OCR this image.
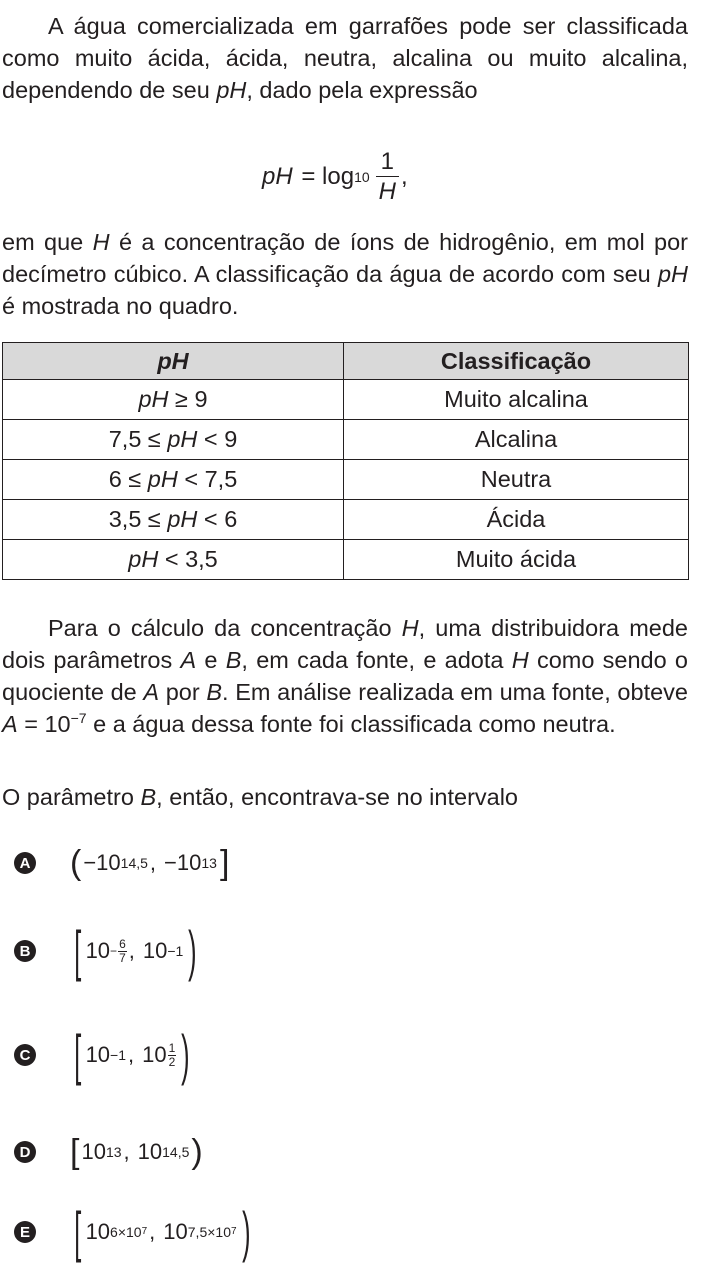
A água comercializada em garrafões pode ser classificada como muito ácida, ácida, neutra, alcalina ou muito alcalina, dependendo de seu pH, dado pela expressão

pH = $\log 10 \frac{1}{H}$ ,

em que H é a concentração de íons de hidrogênio, em mol por decímetro cúbico. A classificação da água de acordo com seu pH é mostrada no quadro.

pH	Classificação
pH ≥ 9	Muito alcalina
7,5 ≤ pH < 9	Alcalina
6 ≤ pH < 7,5	Neutra
3,5 ≤ pH < 6	Ácida
pH < 3,5	Muito ácida

Para o cálculo da concentração H, uma distribuidora mede dois parâmetros A e B, em cada fonte, e adota H como sendo o quociente de A por B. Em análise realizada em uma fonte, obteve $A = 10^{-7}$ e a água dessa fonte foi classificada como neutra.

O parâmetro B, então, encontrava-se no intervalo

A ( −10 14,5 , −10 13 ]
B [ $10 - \frac{6}{7}$ , 10 −1 )
C [ 10 −1 , 10 1
2 )
D [ 10 13 , 10 14,5 )
E [ 10 6×10 7 , 10 7,5×10 7 )
